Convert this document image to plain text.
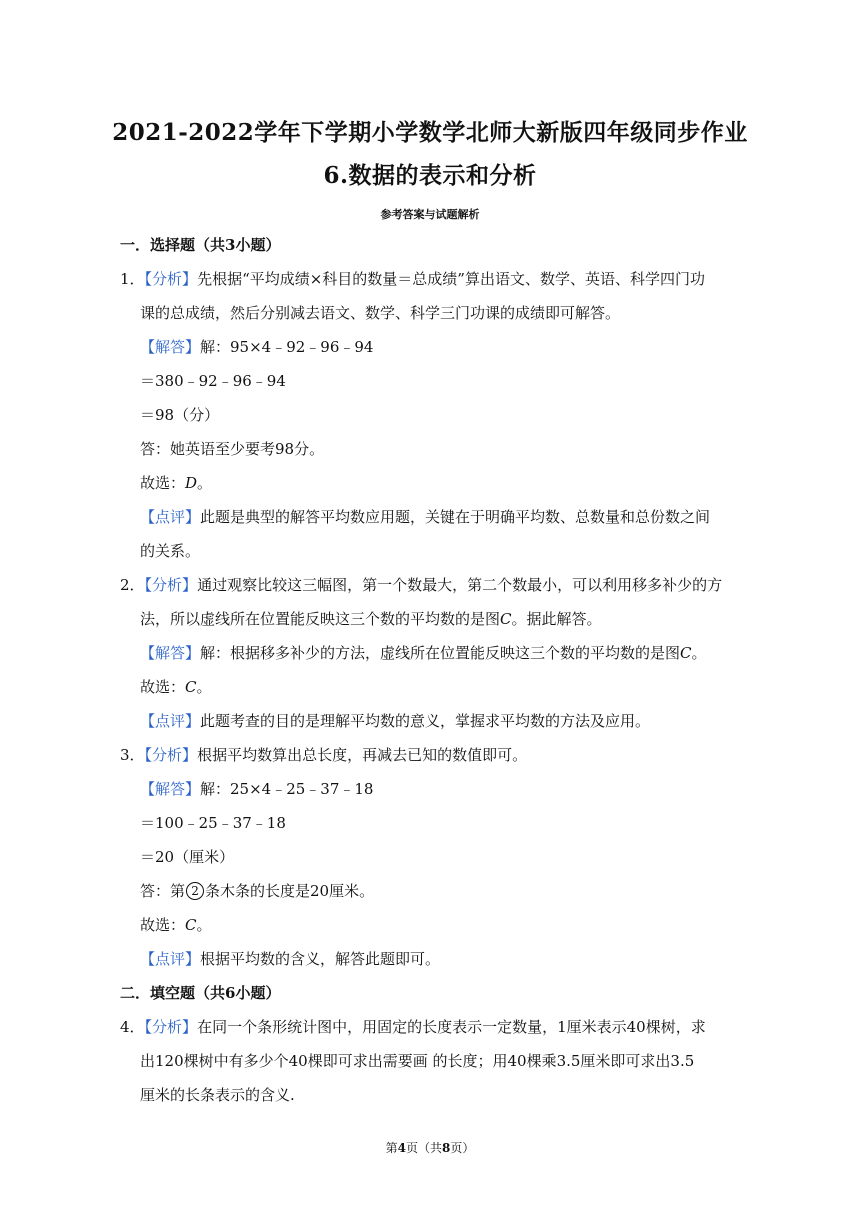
2021-2022学年下学期小学数学北师大新版四年级同步作业
6.数据的表示和分析
参考答案与试题解析
一．选择题（共3小题）
1．【分析】先根据“平均成绩×科目的数量＝总成绩”算出语文、数学、英语、科学四门功
课的总成绩，然后分别减去语文、数学、科学三门功课的成绩即可解答。
【解答】解：95×4﹣92﹣96﹣94
＝380﹣92﹣96﹣94
＝98（分）
答：她英语至少要考98分。
故选：D。
【点评】此题是典型的解答平均数应用题，关键在于明确平均数、总数量和总份数之间
的关系。
2．【分析】通过观察比较这三幅图，第一个数最大，第二个数最小，可以利用移多补少的方
法，所以虚线所在位置能反映这三个数的平均数的是图C。据此解答。
【解答】解：根据移多补少的方法，虚线所在位置能反映这三个数的平均数的是图C。
故选：C。
【点评】此题考查的目的是理解平均数的意义，掌握求平均数的方法及应用。
3．【分析】根据平均数算出总长度，再减去已知的数值即可。
【解答】解：25×4﹣25﹣37﹣18
＝100﹣25﹣37﹣18
＝20（厘米）
答：第 2 条木条的长度是20厘米。
故选：C。
【点评】根据平均数的含义，解答此题即可。
二．填空题（共6小题）
4．【分析】在同一个条形统计图中，用固定的长度表示一定数量，1厘米表示40棵树，求
出120棵树中有多少个40棵即可求出需要画 的长度；用40棵乘3.5厘米即可求出3.5
厘米的长条表示的含义.
第4页（共8页）
